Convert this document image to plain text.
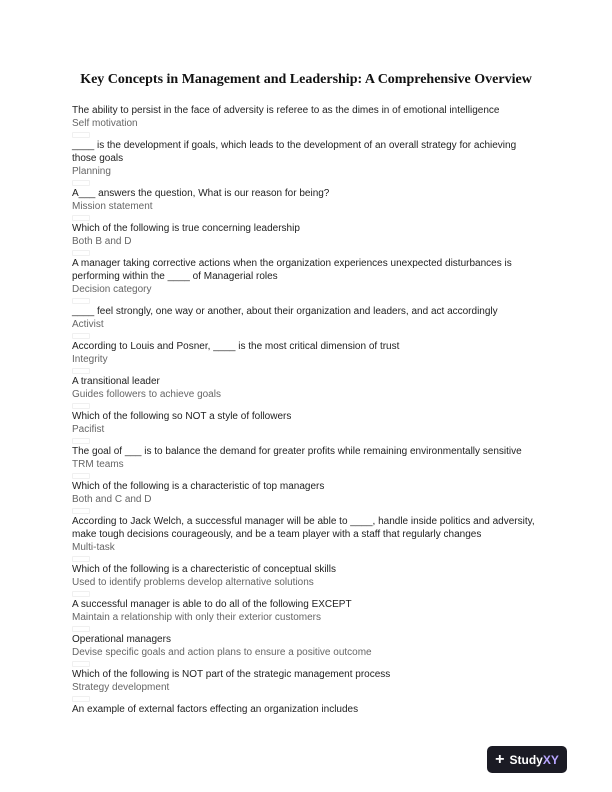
Key Concepts in Management and Leadership: A Comprehensive Overview
The ability to persist in the face of adversity is referee to as the dimes in of emotional intelligence
Self motivation
____ is the development if goals, which leads to the development of an overall strategy for achieving those goals
Planning
A___ answers the question, What is our reason for being?
Mission statement
Which of the following is true concerning leadership
Both B and D
A manager taking corrective actions when the organization experiences unexpected disturbances is performing within the ____ of Managerial roles
Decision category
____ feel strongly, one way or another, about their organization and leaders, and act accordingly
Activist
According to Louis and Posner, ____ is the most critical dimension of trust
Integrity
A transitional leader
Guides followers to achieve goals
Which of the following so NOT a style of followers
Pacifist
The goal of ___ is to balance the demand for greater profits while remaining environmentally sensitive
TRM teams
Which of the following is a characteristic of top managers
Both and C and D
According to Jack Welch, a successful manager will be able to ____, handle inside politics and adversity, make tough decisions courageously, and be a team player with a staff that regularly changes
Multi-task
Which of the following is a charecteristic of conceptual skills
Used to identify problems develop alternative solutions
A successful manager is able to do all of the following EXCEPT
Maintain a relationship with only their exterior customers
Operational managers
Devise specific goals and action plans to ensure a positive outcome
Which of the following is NOT part of the strategic management process
Strategy development
An example of external factors effecting an organization includes
+ StudyXY
